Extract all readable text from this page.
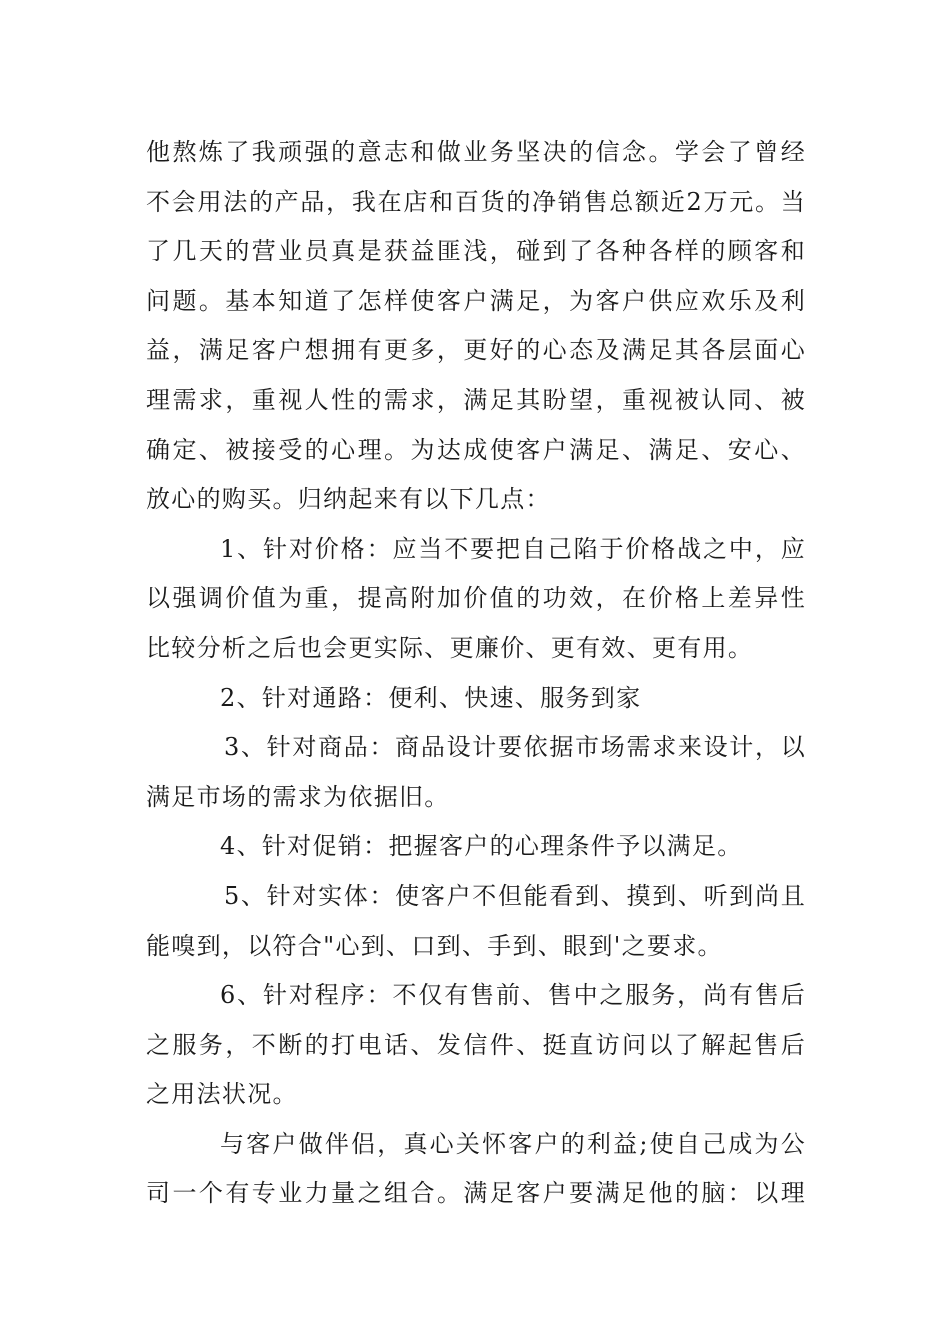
他熬炼了我顽强的意志和做业务坚决的信念。学会了曾经
不会用法的产品，我在店和百货的净销售总额近2万元。当
了几天的营业员真是获益匪浅，碰到了各种各样的顾客和
问题。基本知道了怎样使客户满足，为客户供应欢乐及利
益，满足客户想拥有更多，更好的心态及满足其各层面心
理需求，重视人性的需求，满足其盼望，重视被认同、被
确定、被接受的心理。为达成使客户满足、满足、安心、
放心的购买。归纳起来有以下几点：
1、针对价格：应当不要把自己陷于价格战之中，应
以强调价值为重，提高附加价值的功效，在价格上差异性
比较分析之后也会更实际、更廉价、更有效、更有用。
2、针对通路：便利、快速、服务到家
3、针对商品：商品设计要依据市场需求来设计，以
满足市场的需求为依据旧。
4、针对促销：把握客户的心理条件予以满足。
5、针对实体：使客户不但能看到、摸到、听到尚且
能嗅到，以符合"心到、口到、手到、眼到'之要求。
6、针对程序：不仅有售前、售中之服务，尚有售后
之服务，不断的打电话、发信件、挺直访问以了解起售后
之用法状况。
与客户做伴侣，真心关怀客户的利益;使自己成为公
司一个有专业力量之组合。满足客户要满足他的脑：以理
